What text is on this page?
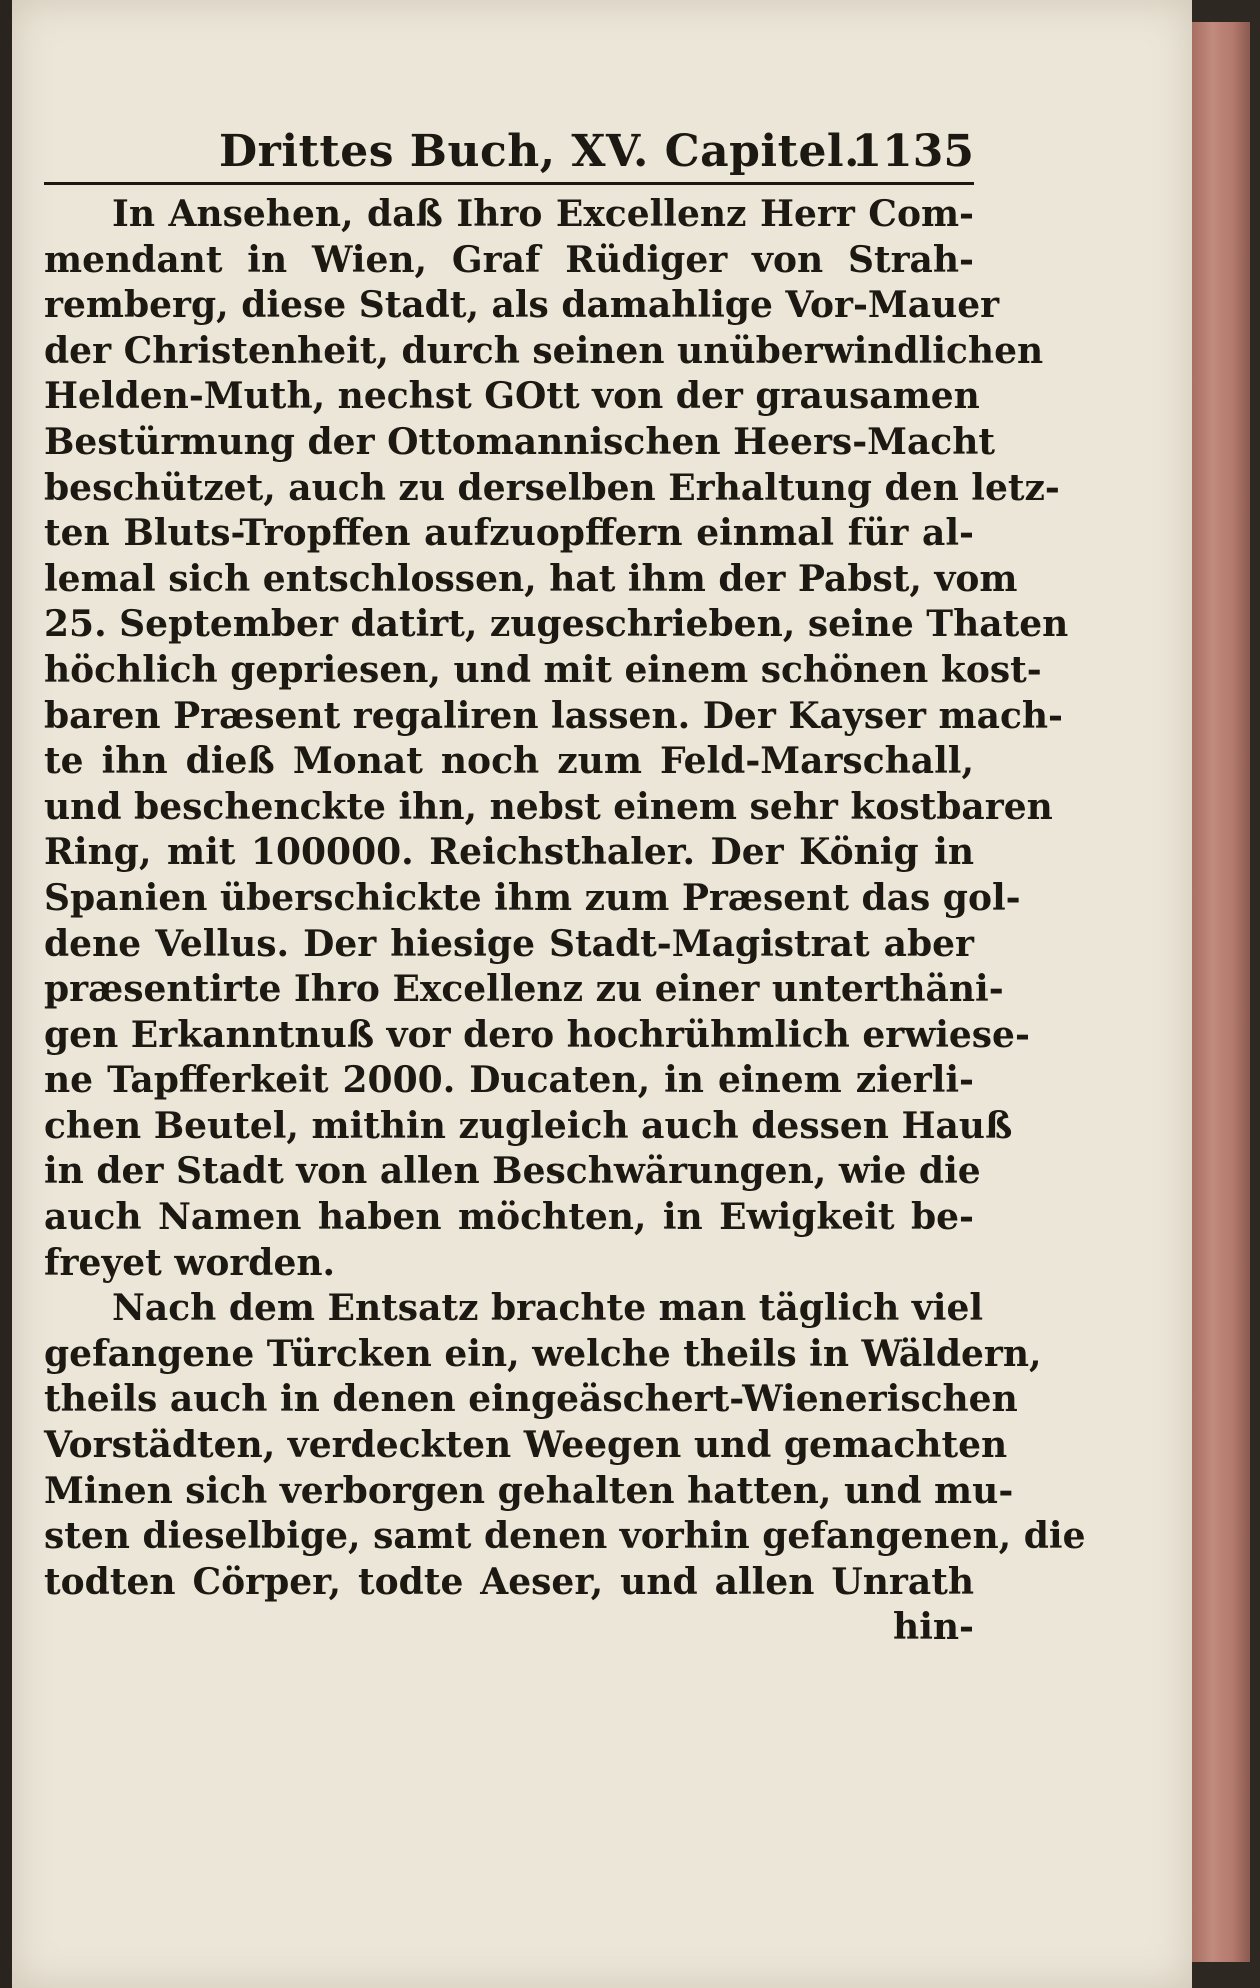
Drittes Buch, XV. Capitel.
1135
In Ansehen, daß Ihro Excellenz Herr Com-
mendant in Wien, Graf Rüdiger von Strah-
remberg, diese Stadt, als damahlige Vor-Mauer
der Christenheit, durch seinen unüberwindlichen
Helden-Muth, nechst GOtt von der grausamen
Bestürmung der Ottomannischen Heers-Macht
beschützet, auch zu derselben Erhaltung den letz-
ten Bluts-Tropffen aufzuopffern einmal für al-
lemal sich entschlossen, hat ihm der Pabst, vom
25. September datirt, zugeschrieben, seine Thaten
höchlich gepriesen, und mit einem schönen kost-
baren Præsent regaliren lassen. Der Kayser mach-
te ihn dieß Monat noch zum Feld-Marschall,
und beschenckte ihn, nebst einem sehr kostbaren
Ring, mit 100000. Reichsthaler. Der König in
Spanien überschickte ihm zum Præsent das gol-
dene Vellus. Der hiesige Stadt-Magistrat aber
præsentirte Ihro Excellenz zu einer unterthäni-
gen Erkanntnuß vor dero hochrühmlich erwiese-
ne Tapfferkeit 2000. Ducaten, in einem zierli-
chen Beutel, mithin zugleich auch dessen Hauß
in der Stadt von allen Beschwärungen, wie die
auch Namen haben möchten, in Ewigkeit be-
freyet worden.
Nach dem Entsatz brachte man täglich viel
gefangene Türcken ein, welche theils in Wäldern,
theils auch in denen eingeäschert-Wienerischen
Vorstädten, verdeckten Weegen und gemachten
Minen sich verborgen gehalten hatten, und mu-
sten dieselbige, samt denen vorhin gefangenen, die
todten Cörper, todte Aeser, und allen Unrath
hin-
